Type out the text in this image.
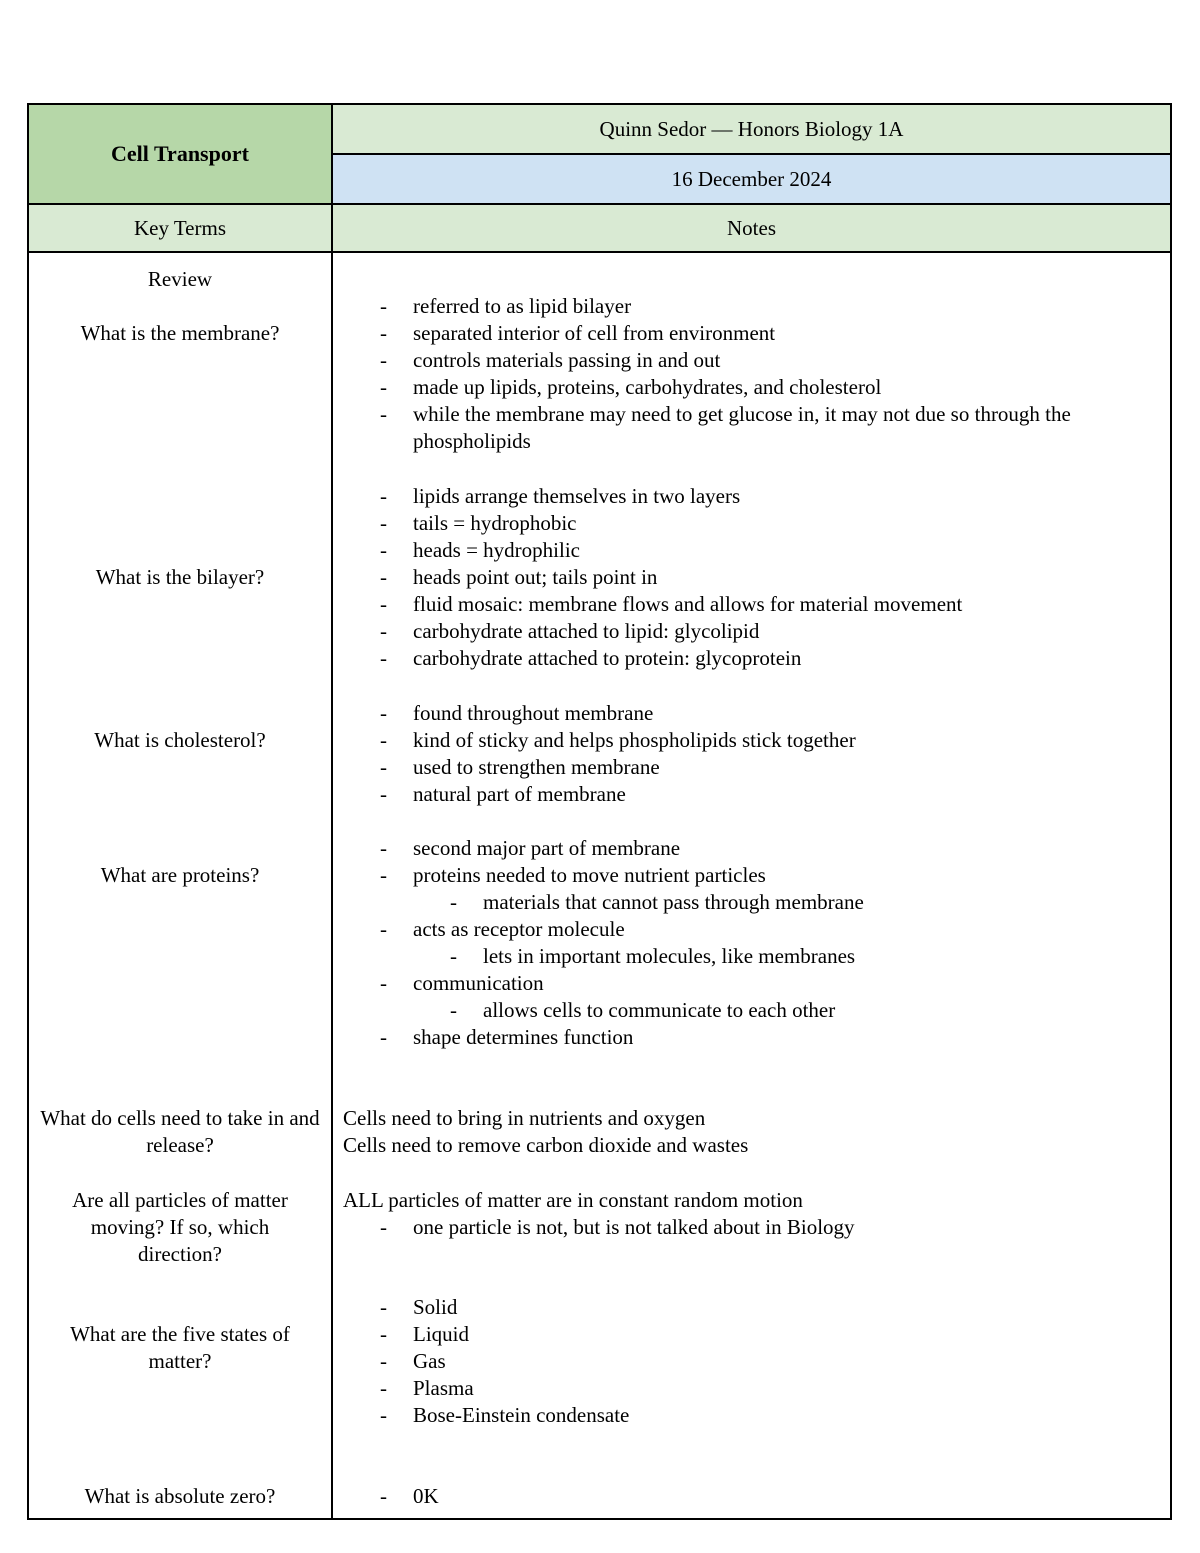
Cell Transport
Quinn Sedor — Honors Biology 1A
16 December 2024
Key Terms	Notes
Review
What is the membrane?
What is the bilayer?
What is cholesterol?
What are proteins?
What do cells need to take in and release?
Are all particles of matter moving? If so, which direction?
What are the five states of matter?
What is absolute zero?
- referred to as lipid bilayer
- separated interior of cell from environment
- controls materials passing in and out
- made up lipids, proteins, carbohydrates, and cholesterol
- while the membrane may need to get glucose in, it may not due so through the phospholipids
- lipids arrange themselves in two layers
- tails = hydrophobic
- heads = hydrophilic
- heads point out; tails point in
- fluid mosaic: membrane flows and allows for material movement
- carbohydrate attached to lipid: glycolipid
- carbohydrate attached to protein: glycoprotein
- found throughout membrane
- kind of sticky and helps phospholipids stick together
- used to strengthen membrane
- natural part of membrane
- second major part of membrane
- proteins needed to move nutrient particles
- materials that cannot pass through membrane
- acts as receptor molecule
- lets in important molecules, like membranes
- communication
- allows cells to communicate to each other
- shape determines function
Cells need to bring in nutrients and oxygen
Cells need to remove carbon dioxide and wastes
ALL particles of matter are in constant random motion
- one particle is not, but is not talked about in Biology
- Solid
- Liquid
- Gas
- Plasma
- Bose-Einstein condensate
- 0K
